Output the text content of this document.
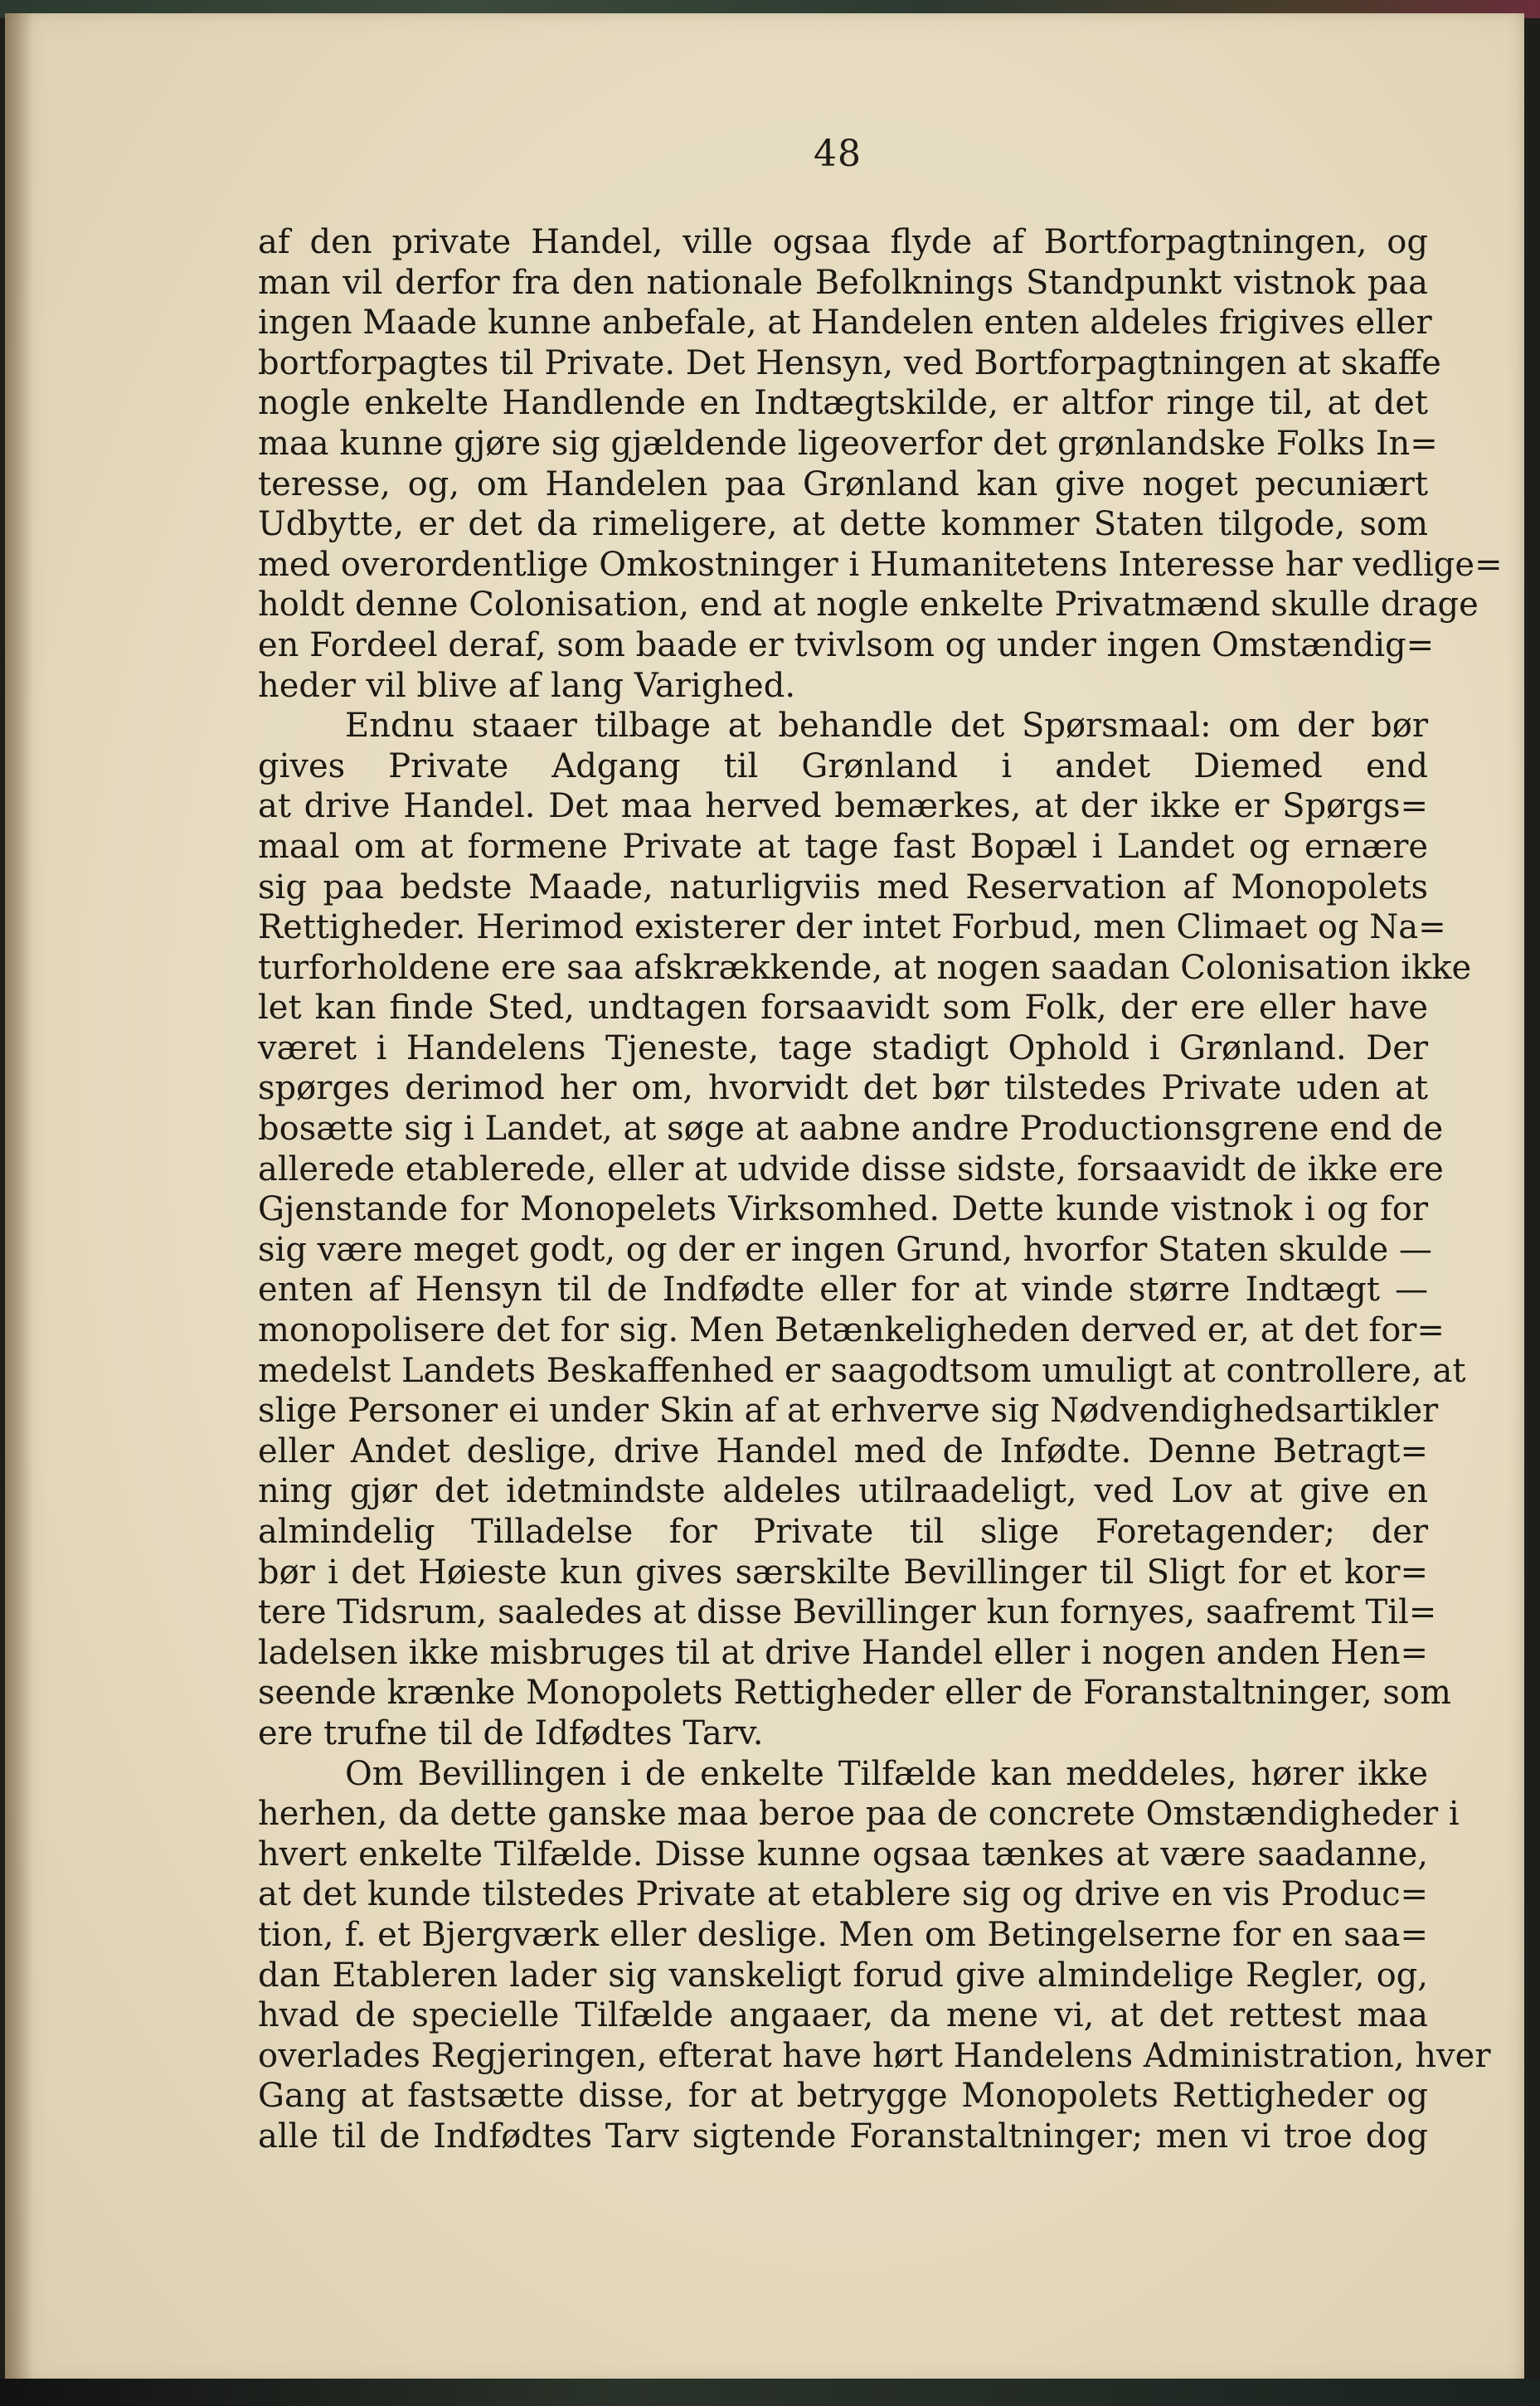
48
af den private Handel, ville ogsaa flyde af Bortforpagtningen, og
man vil derfor fra den nationale Befolknings Standpunkt vistnok paa
ingen Maade kunne anbefale, at Handelen enten aldeles frigives eller
bortforpagtes til Private. Det Hensyn, ved Bortforpagtningen at skaffe
nogle enkelte Handlende en Indtægtskilde, er altfor ringe til, at det
maa kunne gjøre sig gjældende ligeoverfor det grønlandske Folks In=
teresse, og, om Handelen paa Grønland kan give noget pecuniært
Udbytte, er det da rimeligere, at dette kommer Staten tilgode, som
med overordentlige Omkostninger i Humanitetens Interesse har vedlige=
holdt denne Colonisation, end at nogle enkelte Privatmænd skulle drage
en Fordeel deraf, som baade er tvivlsom og under ingen Omstændig=
heder vil blive af lang Varighed.
Endnu staaer tilbage at behandle det Spørsmaal: om der bør
gives Private Adgang til Grønland i andet Diemed end
at drive Handel. Det maa herved bemærkes, at der ikke er Spørgs=
maal om at formene Private at tage fast Bopæl i Landet og ernære
sig paa bedste Maade, naturligviis med Reservation af Monopolets
Rettigheder. Herimod existerer der intet Forbud, men Climaet og Na=
turforholdene ere saa afskrækkende, at nogen saadan Colonisation ikke
let kan finde Sted, undtagen forsaavidt som Folk, der ere eller have
været i Handelens Tjeneste, tage stadigt Ophold i Grønland. Der
spørges derimod her om, hvorvidt det bør tilstedes Private uden at
bosætte sig i Landet, at søge at aabne andre Productionsgrene end de
allerede etablerede, eller at udvide disse sidste, forsaavidt de ikke ere
Gjenstande for Monopelets Virksomhed. Dette kunde vistnok i og for
sig være meget godt, og der er ingen Grund, hvorfor Staten skulde —
enten af Hensyn til de Indfødte eller for at vinde større Indtægt —
monopolisere det for sig. Men Betænkeligheden derved er, at det for=
medelst Landets Beskaffenhed er saagodtsom umuligt at controllere, at
slige Personer ei under Skin af at erhverve sig Nødvendighedsartikler
eller Andet deslige, drive Handel med de Infødte. Denne Betragt=
ning gjør det idetmindste aldeles utilraadeligt, ved Lov at give en
almindelig Tilladelse for Private til slige Foretagender; der
bør i det Høieste kun gives særskilte Bevillinger til Sligt for et kor=
tere Tidsrum, saaledes at disse Bevillinger kun fornyes, saafremt Til=
ladelsen ikke misbruges til at drive Handel eller i nogen anden Hen=
seende krænke Monopolets Rettigheder eller de Foranstaltninger, som
ere trufne til de Idfødtes Tarv.
Om Bevillingen i de enkelte Tilfælde kan meddeles, hører ikke
herhen, da dette ganske maa beroe paa de concrete Omstændigheder i
hvert enkelte Tilfælde. Disse kunne ogsaa tænkes at være saadanne,
at det kunde tilstedes Private at etablere sig og drive en vis Produc=
tion, f. et Bjergværk eller deslige. Men om Betingelserne for en saa=
dan Etableren lader sig vanskeligt forud give almindelige Regler, og,
hvad de specielle Tilfælde angaaer, da mene vi, at det rettest maa
overlades Regjeringen, efterat have hørt Handelens Administration, hver
Gang at fastsætte disse, for at betrygge Monopolets Rettigheder og
alle til de Indfødtes Tarv sigtende Foranstaltninger; men vi troe dog
